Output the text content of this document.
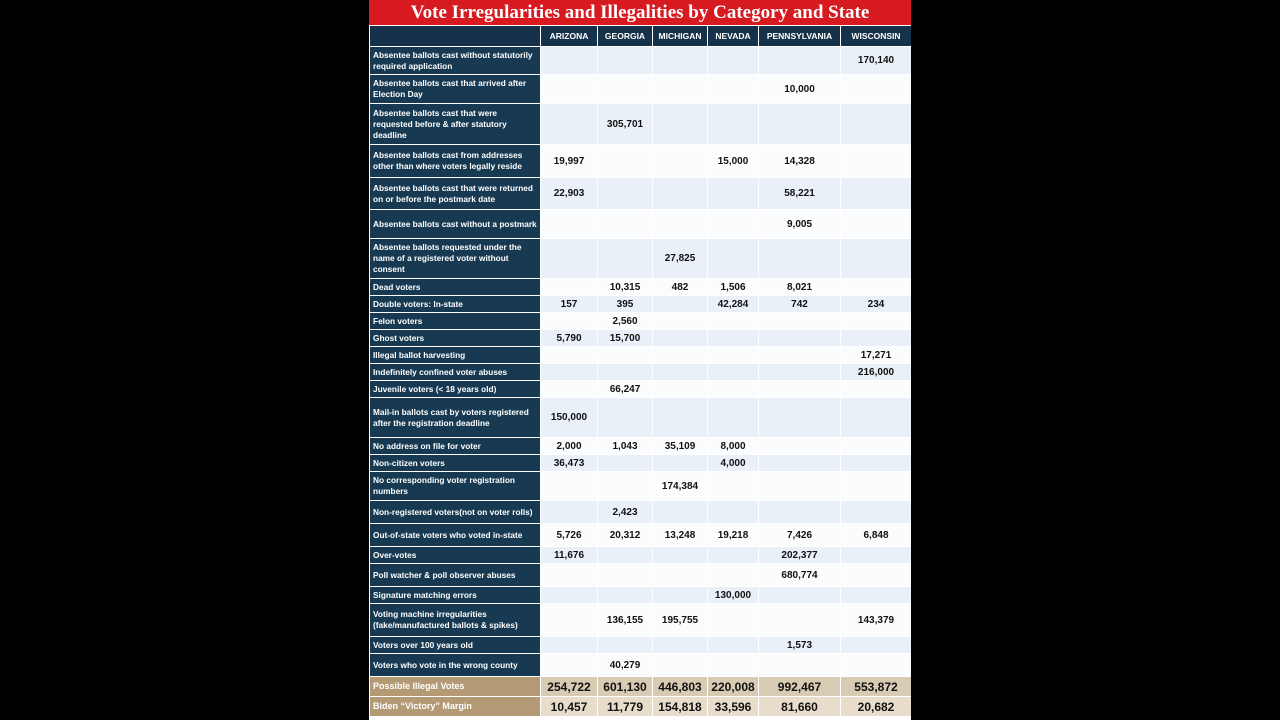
Vote Irregularities and Illegalities by Category and State
	ARIZONA	GEORGIA	MICHIGAN	NEVADA	PENNSYLVANIA	WISCONSIN
Absentee ballots cast without statutorily required application						170,140
Absentee ballots cast that arrived after Election Day					10,000	
Absentee ballots cast that were requested before & after statutory deadline		305,701				
Absentee ballots cast from addresses other than where voters legally reside	19,997			15,000	14,328	
Absentee ballots cast that were returned on or before the postmark date	22,903				58,221	
Absentee ballots cast without a postmark					9,005	
Absentee ballots requested under the name of a registered voter without consent			27,825			
Dead voters		10,315	482	1,506	8,021	
Double voters: In-state	157	395		42,284	742	234
Felon voters		2,560				
Ghost voters	5,790	15,700				
Illegal ballot harvesting						17,271
Indefinitely confined voter abuses						216,000
Juvenile voters (< 18 years old)		66,247				
Mail-in ballots cast by voters registered after the registration deadline	150,000					
No address on file for voter	2,000	1,043	35,109	8,000		
Non-citizen voters	36,473			4,000		
No corresponding voter registration numbers			174,384			
Non-registered voters(not on voter rolls)		2,423				
Out-of-state voters who voted in-state	5,726	20,312	13,248	19,218	7,426	6,848
Over-votes	11,676				202,377	
Poll watcher & poll observer abuses					680,774	
Signature matching errors				130,000		
Voting machine irregularities (fake/manufactured ballots & spikes)		136,155	195,755			143,379
Voters over 100 years old					1,573	
Voters who vote in the wrong county		40,279				
Possible Illegal Votes	254,722	601,130	446,803	220,008	992,467	553,872
Biden “Victory” Margin	10,457	11,779	154,818	33,596	81,660	20,682
